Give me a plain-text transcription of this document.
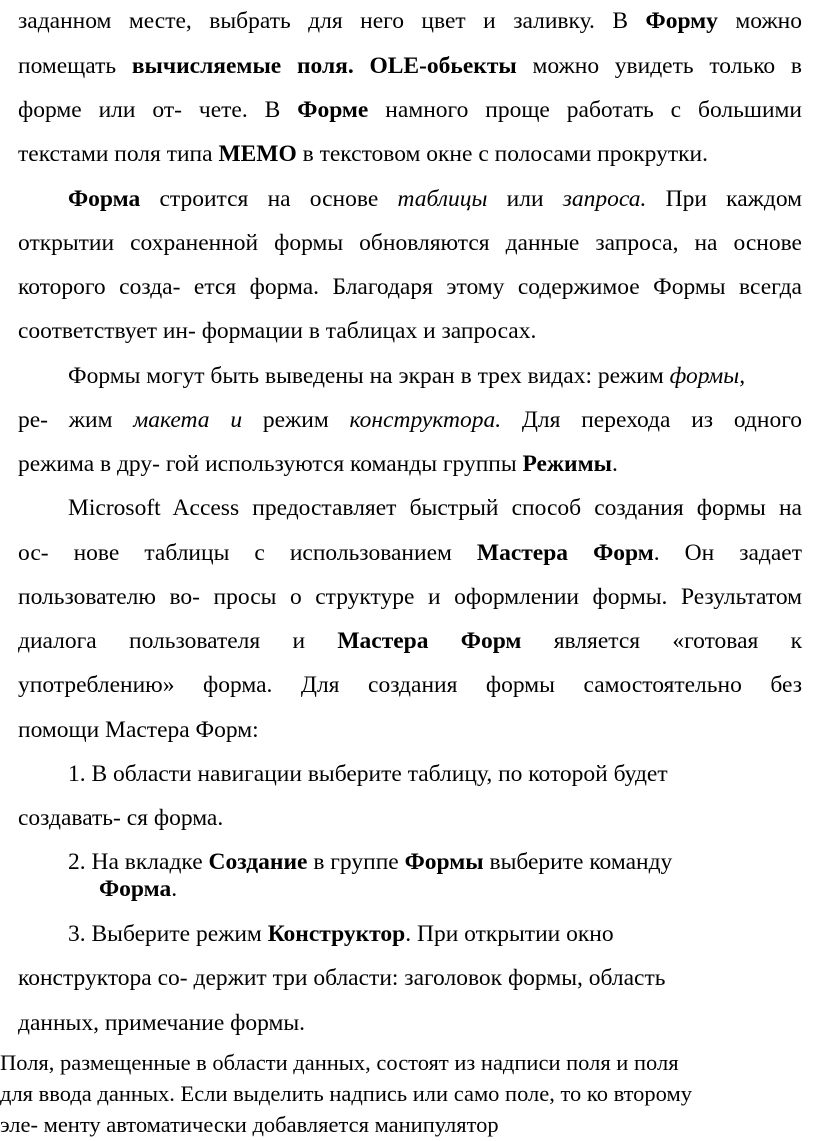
заданном месте, выбрать для него цвет и заливку. В Форму можно
помещать вычисляемые поля. OLE-обьекты можно увидеть только в
форме или от- чете. В Форме намного проще работать с большими
текстами поля типа МЕМО в текстовом окне с полосами прокрутки.
Форма строится на основе таблицы или запроса. При каждом
открытии сохраненной формы обновляются данные запроса, на основе
которого созда- ется форма. Благодаря этому содержимое Формы всегда
соответствует ин- формации в таблицах и запросах.
Формы могут быть выведены на экран в трех видах: режим формы,
ре- жим макета и режим конструктора. Для перехода из одного
режима в дру- гой используются команды группы Режимы.
Microsoft Access предоставляет быстрый способ создания формы на
ос- нове таблицы с использованием Мастера Форм. Он задает
пользователю во- просы о структуре и оформлении формы. Результатом
диалога пользователя и Мастера Форм является «готовая к
употреблению» форма. Для создания формы самостоятельно без
помощи Мастера Форм:
1. В области навигации выберите таблицу, по которой будет
создавать- ся форма.
2. На вкладке Создание в группе Формы выберите команду
Форма.
3. Выберите режим Конструктор. При открытии окно
конструктора со- держит три области: заголовок формы, область
данных, примечание формы.
Поля, размещенные в области данных, состоят из надписи поля и поля
для ввода данных. Если выделить надпись или само поле, то ко второму
эле- менту автоматически добавляется манипулятор
